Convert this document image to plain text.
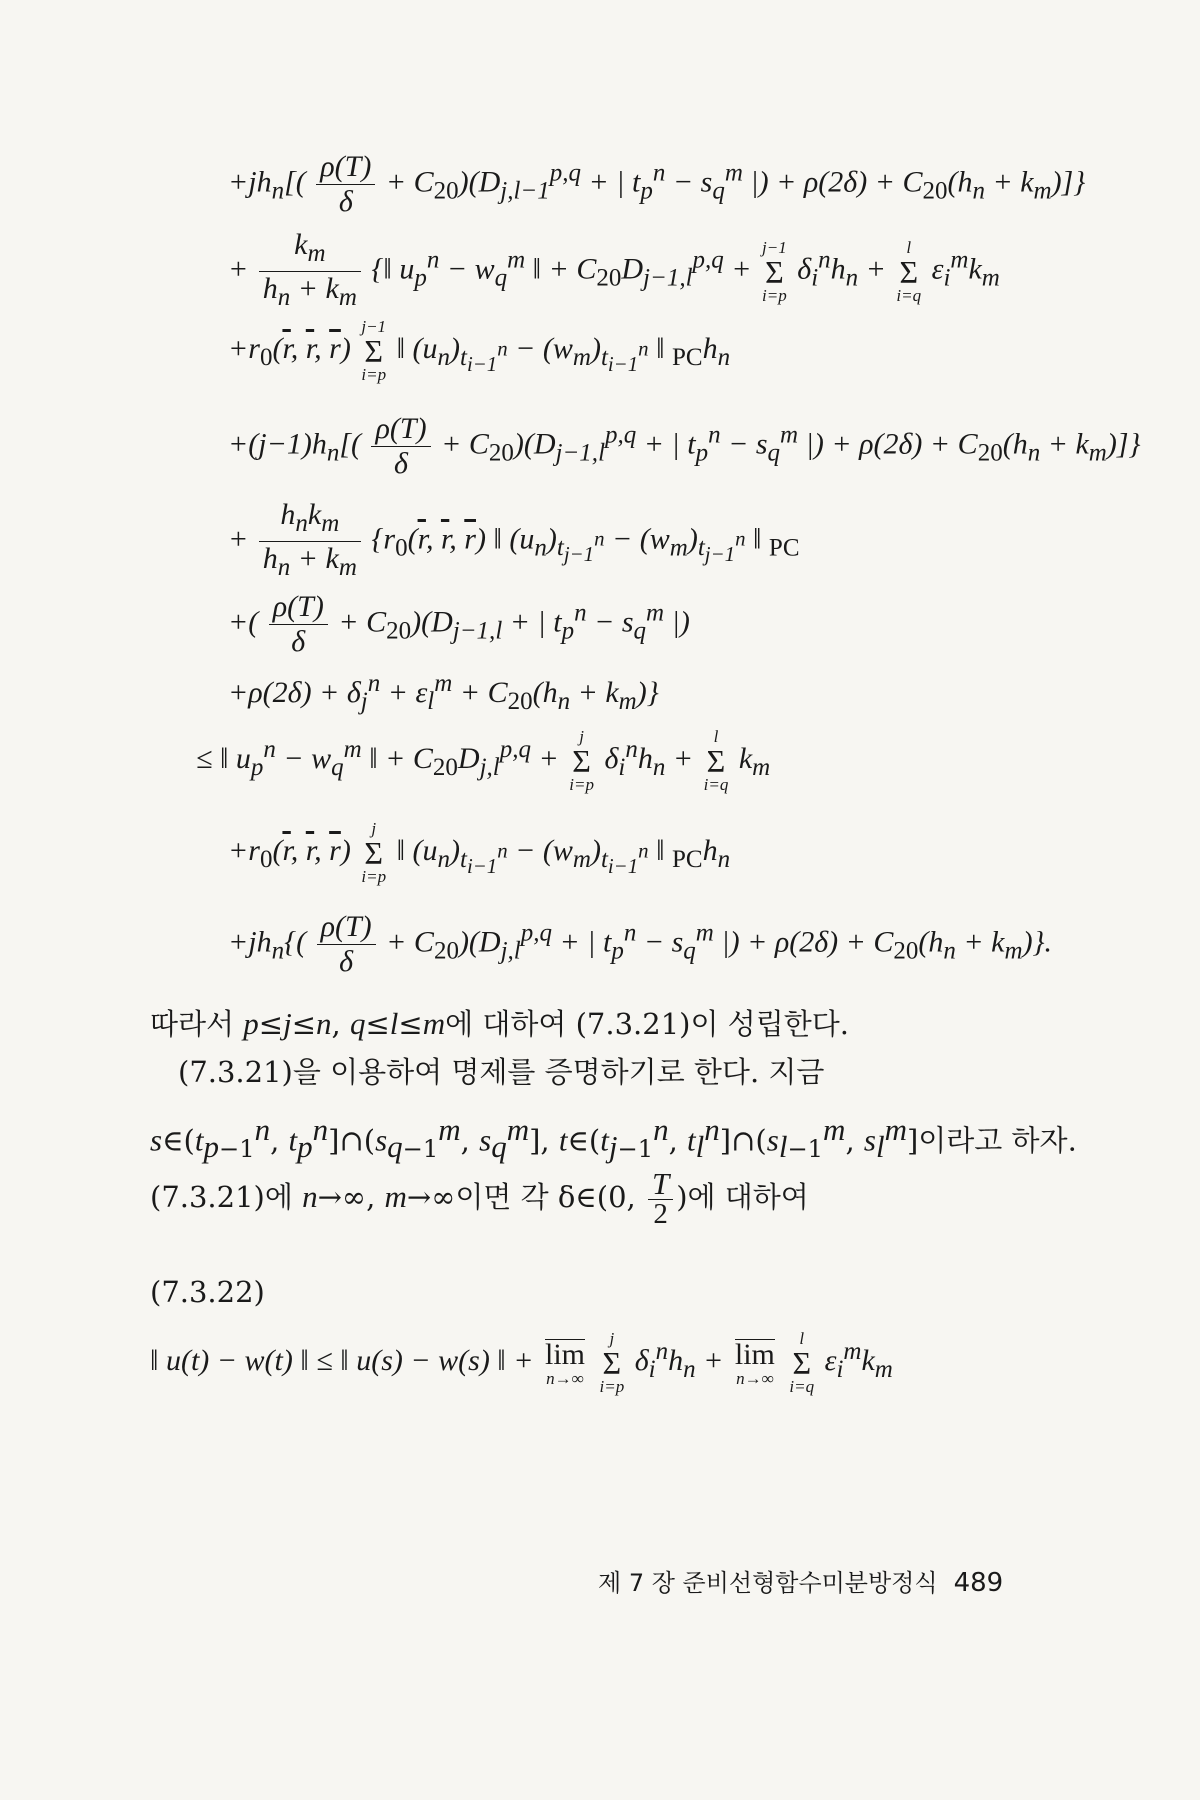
$+jh_n[( \frac{\rho(T)}{\delta} + C_{20})(D_{j,l-1}^{p,q}$ + | $t_p^n - s_q^m$ |) + $\rho(2\delta) + C_{20}(h_n + k_m)$]}
+ $\frac{k_m}{h_n + k_m}$ {‖ $u_p^n - w_q^m$ ‖ + $C_{20}D_{j-1,l}^{p,q}$ +
j−1
Σ
i=p
$\delta_i^nh_n$ +
l
Σ
i=q
$\varepsilon_i^mk_m$
$+r_0(\overline{r}$, $\overline{r}$, $\overline{r}$)
j−1
Σ
i=p
‖ $(u_n)_{t_{i-1}^n} - (w_m)_{t_{i-1}^n}$ ‖ $_{PC}h_n$
$+(j-1)h_n[( \frac{\rho(T)}{\delta} + C_{20})(D_{j-1,l}^{p,q}$ + | $t_p^n - s_q^m$ |) + $\rho(2\delta) + C_{20}(h_n + k_m)$]}
+ $\frac{h_nk_m}{h_n + k_m} \{r_0(\overline{r}$, $\overline{r}$, $\overline{r}$) ‖ $(u_n)_{t_{j-1}^n} - (w_m)_{t_{j-1}^n}$ ‖ $_{PC}$
+( $\frac{\rho(T)}{\delta} + C_{20})(D_{j-1,l}$ + | $t_p^n - s_q^m$ |)
$+\rho(2\delta) + \delta_j^n + \varepsilon_l^m + C_{20}(h_n + k_m)$}
≤ ‖ $u_p^n - w_q^m$ ‖ + $C_{20}D_{j,l}^{p,q}$ +
j
Σ
i=p
$\delta_i^nh_n$ +
l
Σ
i=q
$k_m$
$+r_0(\overline{r}$, $\overline{r}$, $\overline{r}$)
j
Σ
i=p
‖ $(u_n)_{t_{i-1}^n} - (w_m)_{t_{i-1}^n}$ ‖ $_{PC}h_n$
$+jh_n\{( \frac{\rho(T)}{\delta} + C_{20})(D_{j,l}^{p,q}$ + | $t_p^n - s_q^m$ |) + $\rho(2\delta) + C_{20}(h_n + k_m)$}.
따라서 p≤j≤n, q≤l≤m에 대하여 (7.3.21)이 성립한다.
(7.3.21)을 이용하여 명제를 증명하기로 한다. 지금
$s\in(t_{p-1}^n$, $t_p^n]\cap(s_{q-1}^m$, $s_q^m$], $t\in(t_{j-1}^n$, $t_l^n]\cap(s_{l-1}^m$, $s_l^m$]이라고 하자.
(7.3.21)에 n→∞, m→∞이면 각 δ∈(0, $\frac{T}{2}$ )에 대하여
(7.3.22)
‖ u(t) − w(t) ‖ ≤ ‖ u(s) − w(s) ‖ + lim
n→∞

j
Σ
i=p
$\delta_i^nh_n + \lim$
n→∞

l
Σ
i=q
$\varepsilon_i^mk_m$
제 7 장 준비선형함수미분방정식 489
